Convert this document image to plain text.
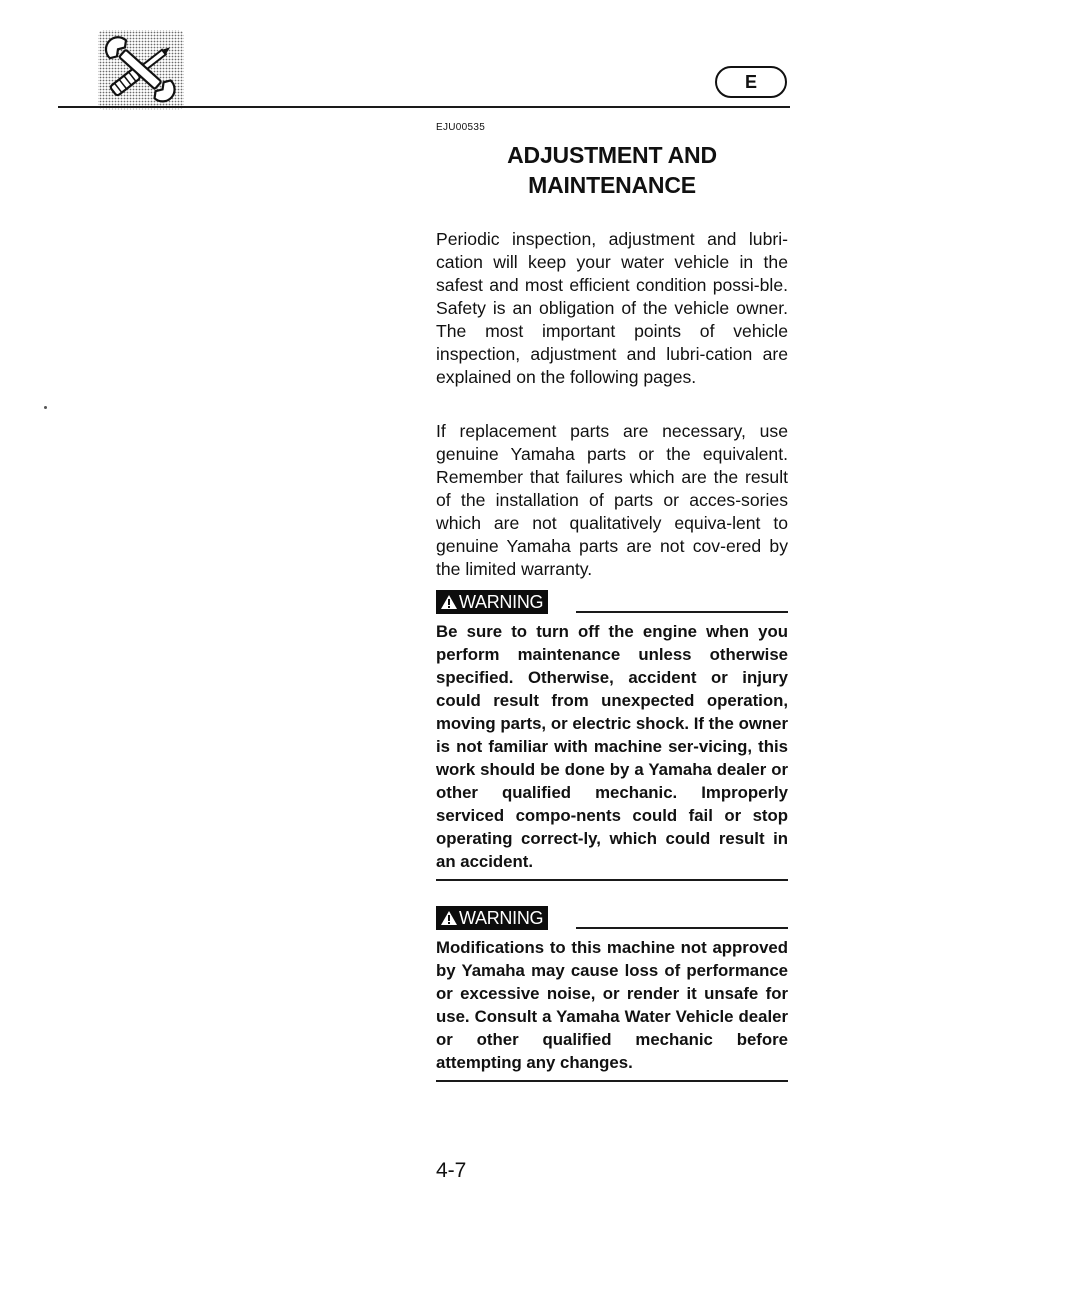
E
EJU00535
ADJUSTMENT AND
MAINTENANCE

Periodic inspection, adjustment and lubri-cation will keep your water vehicle in the safest and most efficient condition possi-ble. Safety is an obligation of the vehicle owner. The most important points of vehicle inspection, adjustment and lubri-cation are explained on the following pages.

If replacement parts are necessary, use genuine Yamaha parts or the equivalent. Remember that failures which are the result of the installation of parts or acces-sories which are not qualitatively equiva-lent to genuine Yamaha parts are not cov-ered by the limited warranty.

WARNING

Be sure to turn off the engine when you perform maintenance unless otherwise specified. Otherwise, accident or injury could result from unexpected operation, moving parts, or electric shock. If the owner is not familiar with machine ser-vicing, this work should be done by a Yamaha dealer or other qualified mechanic. Improperly serviced compo-nents could fail or stop operating correct-ly, which could result in an accident.

WARNING

Modifications to this machine not approved by Yamaha may cause loss of performance or excessive noise, or render it unsafe for use. Consult a Yamaha Water Vehicle dealer or other qualified mechanic before attempting any changes.

4-7
